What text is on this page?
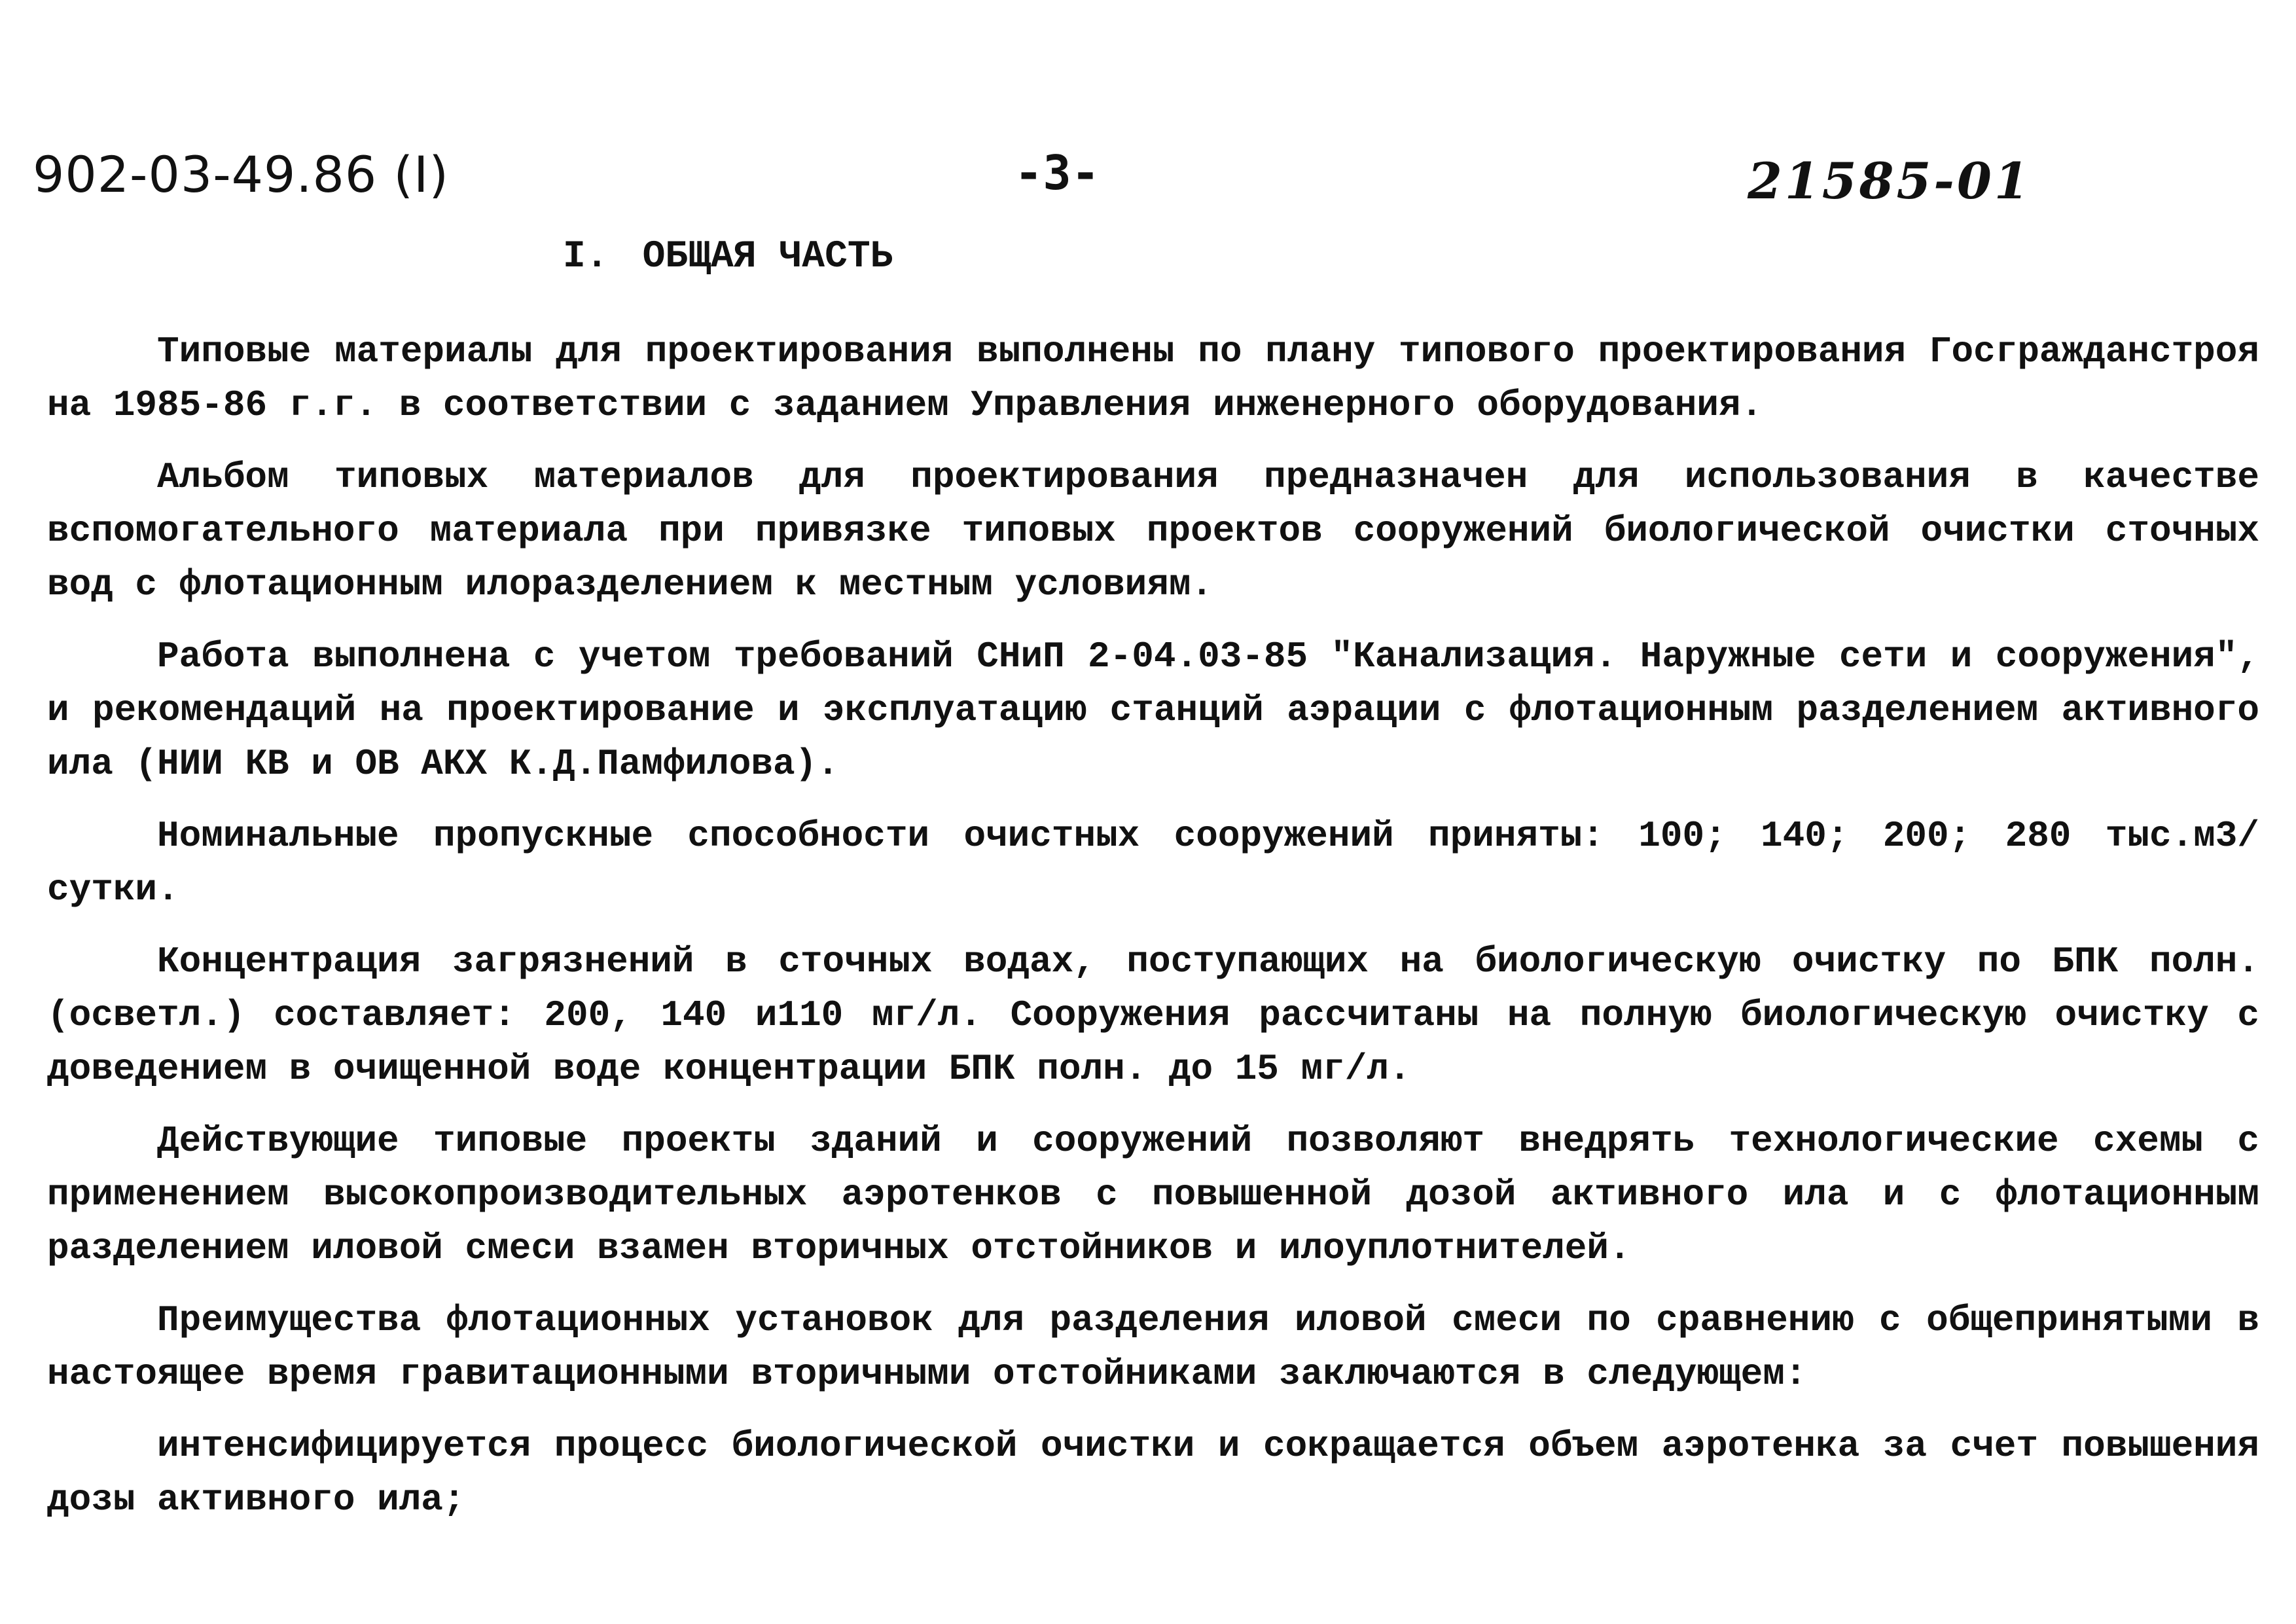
902-03-49.86 (I)	-3-	21585-01
I. ОБЩАЯ ЧАСТЬ

Типовые материалы для проектирования выполнены по плану типового проектирования Госгражданстроя на 1985-86 г.г. в соответствии с заданием Управления инженерного оборудования.

Альбом типовых материалов для проектирования предназначен для использования в качестве вспомогательного материала при привязке типовых проектов сооружений биологической очистки сточных вод с флотационным илоразделением к местным условиям.

Работа выполнена с учетом требований СНиП 2-04.03-85 "Канализация. Наружные сети и сооружения", и рекомендаций на проектирование и эксплуатацию станций аэрации с флотационным разделением активного ила (НИИ КВ и ОВ АКХ К.Д.Памфилова).

Номинальные пропускные способности очистных сооружений приняты: 100; 140; 200; 280 тыс.м3/сутки.

Концентрация загрязнений в сточных водах, поступающих на биологическую очистку по БПК полн. (осветл.) составляет: 200, 140 и110 мг/л. Сооружения рассчитаны на полную биологическую очистку с доведением в очищенной воде концентрации БПК полн. до 15 мг/л.

Действующие типовые проекты зданий и сооружений позволяют внедрять технологические схемы с применением высокопроизводительных аэротенков с повышенной дозой активного ила и с флотационным разделением иловой смеси взамен вторичных отстойников и илоуплотнителей.

Преимущества флотационных установок для разделения иловой смеси по сравнению с общепринятыми в настоящее время гравитационными вторичными отстойниками заключаются в следующем:

интенсифицируется процесс биологической очистки и сокращается объем аэротенка за счет повышения дозы активного ила;
